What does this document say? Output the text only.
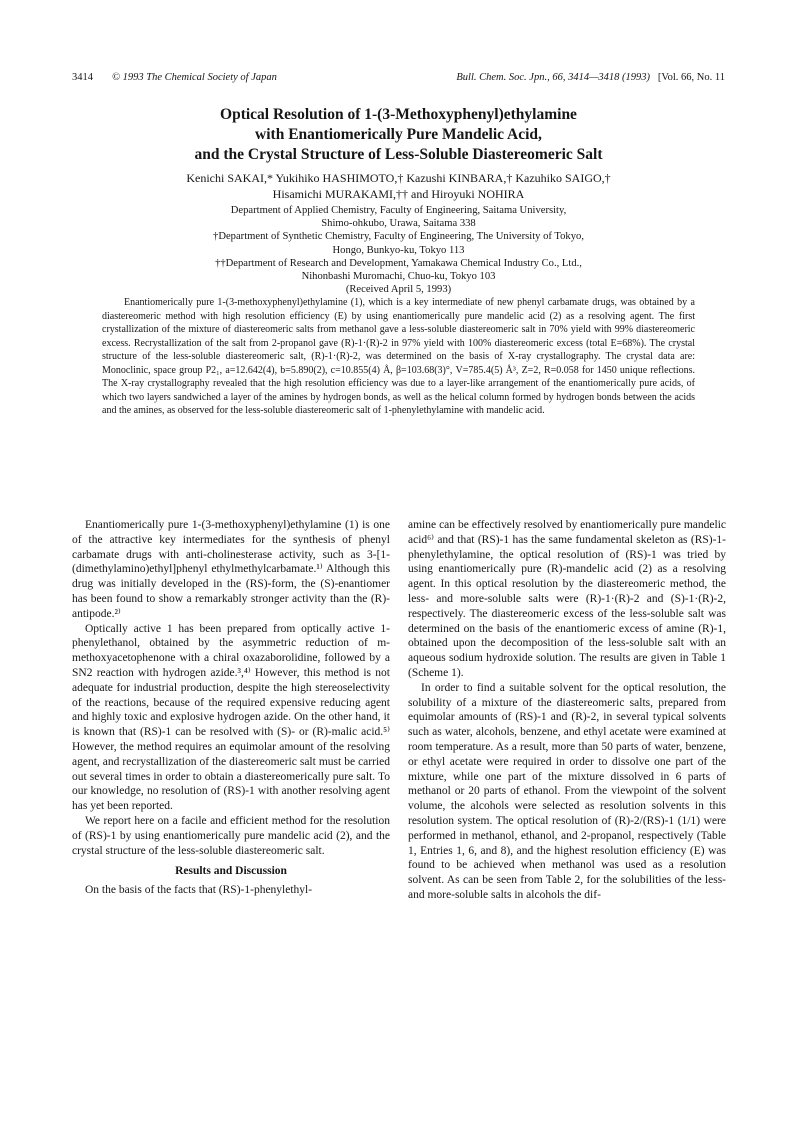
3414 © 1993 The Chemical Society of Japan	Bull. Chem. Soc. Jpn., 66, 3414—3418 (1993) [Vol. 66, No. 11
Optical Resolution of 1-(3-Methoxyphenyl)ethylamine
with Enantiomerically Pure Mandelic Acid,
and the Crystal Structure of Less-Soluble Diastereomeric Salt
Kenichi SAKAI,* Yukihiko HASHIMOTO,† Kazushi KINBARA,† Kazuhiko SAIGO,†
Hisamichi MURAKAMI,†† and Hiroyuki NOHIRA
Department of Applied Chemistry, Faculty of Engineering, Saitama University,
Shimo-ohkubo, Urawa, Saitama 338
†Department of Synthetic Chemistry, Faculty of Engineering, The University of Tokyo,
Hongo, Bunkyo-ku, Tokyo 113
††Department of Research and Development, Yamakawa Chemical Industry Co., Ltd.,
Nihonbashi Muromachi, Chuo-ku, Tokyo 103
(Received April 5, 1993)

Enantiomerically pure 1-(3-methoxyphenyl)ethylamine (1), which is a key intermediate of new phenyl carbamate drugs, was obtained by a diastereomeric method with high resolution efficiency (E) by using enantiomerically pure mandelic acid (2) as a resolving agent. The first crystallization of the mixture of diastereomeric salts from methanol gave a less-soluble diastereomeric salt in 70% yield with 99% diastereomeric excess. Recrystallization of the salt from 2-propanol gave (R)-1·(R)-2 in 97% yield with 100% diastereomeric excess (total E=68%). The crystal structure of the less-soluble diastereomeric salt, (R)-1·(R)-2, was determined on the basis of X-ray crystallography. The crystal data are: Monoclinic, space group P2₁, a=12.642(4), b=5.890(2), c=10.855(4) Å, β=103.68(3)°, V=785.4(5) Å³, Z=2, R=0.058 for 1450 unique reflections. The X-ray crystallography revealed that the high resolution efficiency was due to a layer-like arrangement of the enantiomerically pure acids, of which two layers sandwiched a layer of the amines by hydrogen bonds, as well as the helical column formed by hydrogen bonds between the acids and the amines, as observed for the less-soluble diastereomeric salt of 1-phenylethylamine with mandelic acid.

Enantiomerically pure 1-(3-methoxyphenyl)ethylamine (1) is one of the attractive key intermediates for the synthesis of phenyl carbamate drugs with anti-cholinesterase activity, such as 3-[1-(dimethylamino)ethyl]phenyl ethylmethylcarbamate.¹⁾ Although this drug was initially developed in the (RS)-form, the (S)-enantiomer has been found to show a remarkably stronger activity than the (R)-antipode.²⁾

Optically active 1 has been prepared from optically active 1-phenylethanol, obtained by the asymmetric reduction of m-methoxyacetophenone with a chiral oxazaborolidine, followed by a SN2 reaction with hydrogen azide.³,⁴⁾ However, this method is not adequate for industrial production, despite the high stereoselectivity of the reactions, because of the required expensive reducing agent and highly toxic and explosive hydrogen azide. On the other hand, it is known that (RS)-1 can be resolved with (S)- or (R)-malic acid.⁵⁾ However, the method requires an equimolar amount of the resolving agent, and recrystallization of the diastereomeric salt must be carried out several times in order to obtain a diastereomerically pure salt. To our knowledge, no resolution of (RS)-1 with another resolving agent has yet been reported.

We report here on a facile and efficient method for the resolution of (RS)-1 by using enantiomerically pure mandelic acid (2), and the crystal structure of the less-soluble diastereomeric salt.

Results and Discussion

On the basis of the facts that (RS)-1-phenylethyl-

amine can be effectively resolved by enantiomerically pure mandelic acid⁶⁾ and that (RS)-1 has the same fundamental skeleton as (RS)-1-phenylethylamine, the optical resolution of (RS)-1 was tried by using enantiomerically pure (R)-mandelic acid (2) as a resolving agent. In this optical resolution by the diastereomeric method, the less- and more-soluble salts were (R)-1·(R)-2 and (S)-1·(R)-2, respectively. The diastereomeric excess of the less-soluble salt was determined on the basis of the enantiomeric excess of amine (R)-1, obtained upon the decomposition of the less-soluble salt with an aqueous sodium hydroxide solution. The results are given in Table 1 (Scheme 1).

In order to find a suitable solvent for the optical resolution, the solubility of a mixture of the diastereomeric salts, prepared from equimolar amounts of (RS)-1 and (R)-2, in several typical solvents such as water, alcohols, benzene, and ethyl acetate were examined at room temperature. As a result, more than 50 parts of water, benzene, or ethyl acetate were required in order to dissolve one part of the mixture, while one part of the mixture dissolved in 6 parts of methanol or 20 parts of ethanol. From the viewpoint of the solvent volume, the alcohols were selected as resolution solvents in this resolution system. The optical resolution of (R)-2/(RS)-1 (1/1) were performed in methanol, ethanol, and 2-propanol, respectively (Table 1, Entries 1, 6, and 8), and the highest resolution efficiency (E) was found to be achieved when methanol was used as a resolution solvent. As can be seen from Table 2, for the solubilities of the less- and more-soluble salts in alcohols the dif-
